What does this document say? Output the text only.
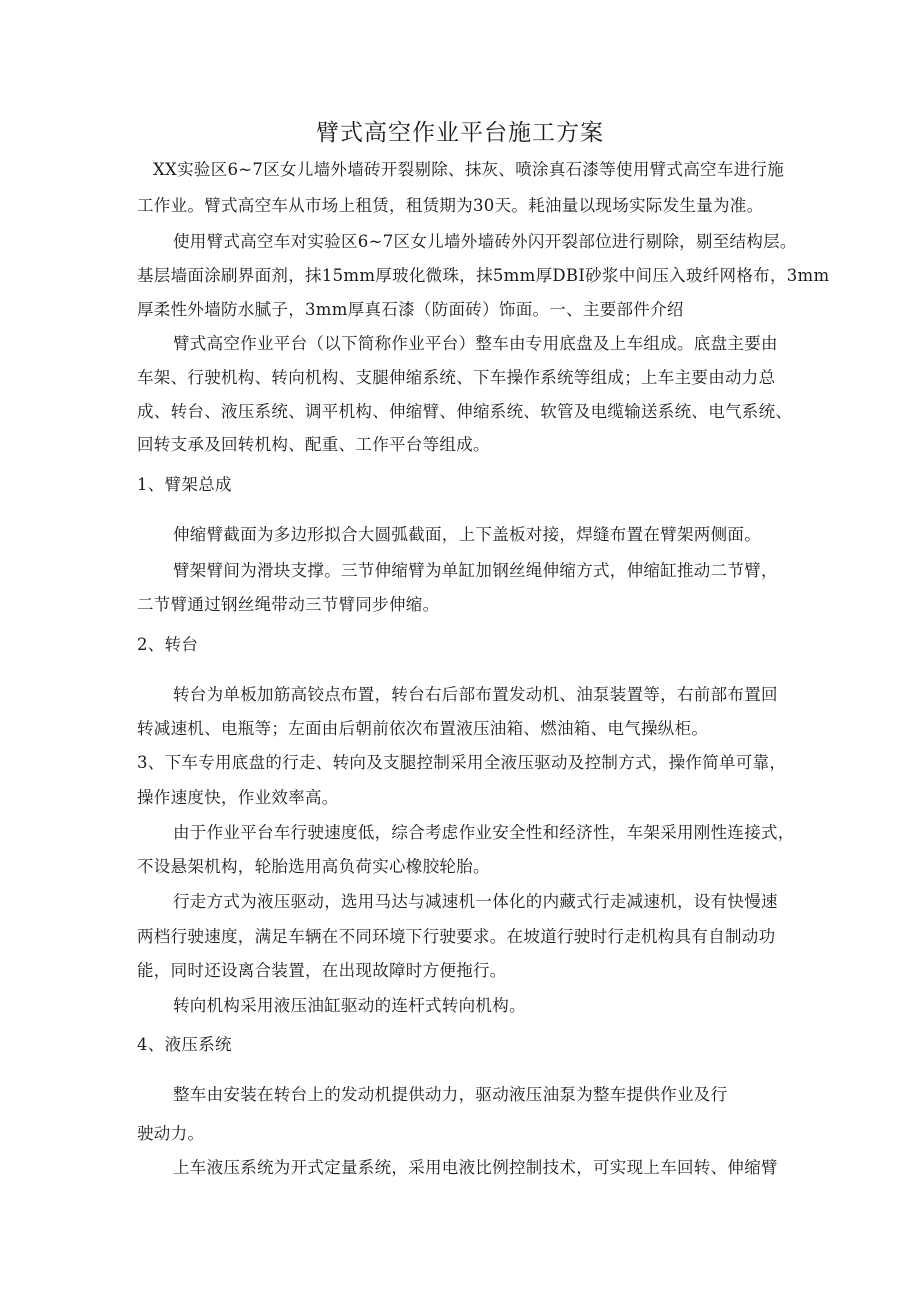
臂式高空作业平台施工方案
XX实验区6~7区女儿墙外墙砖开裂剔除、抹灰、喷涂真石漆等使用臂式高空车进行施
工作业。臂式高空车从市场上租赁，租赁期为30天。耗油量以现场实际发生量为准。
使用臂式高空车对实验区6~7区女儿墙外墙砖外闪开裂部位进行剔除，剔至结构层。
基层墙面涂刷界面剂，抹15mm厚玻化微珠，抹5mm厚DBI砂浆中间压入玻纤网格布，3mm
厚柔性外墙防水腻子，3mm厚真石漆（防面砖）饰面。一、主要部件介绍
臂式高空作业平台（以下简称作业平台）整车由专用底盘及上车组成。底盘主要由
车架、行驶机构、转向机构、支腿伸缩系统、下车操作系统等组成；上车主要由动力总
成、转台、液压系统、调平机构、伸缩臂、伸缩系统、软管及电缆输送系统、电气系统、
回转支承及回转机构、配重、工作平台等组成。
1、臂架总成
伸缩臂截面为多边形拟合大圆弧截面，上下盖板对接，焊缝布置在臂架两侧面。
臂架臂间为滑块支撑。三节伸缩臂为单缸加钢丝绳伸缩方式，伸缩缸推动二节臂，
二节臂通过钢丝绳带动三节臂同步伸缩。
2、转台
转台为单板加筋高铰点布置，转台右后部布置发动机、油泵装置等，右前部布置回
转减速机、电瓶等；左面由后朝前依次布置液压油箱、燃油箱、电气操纵柜。
3、下车专用底盘的行走、转向及支腿控制采用全液压驱动及控制方式，操作简单可靠，
操作速度快，作业效率高。
由于作业平台车行驶速度低，综合考虑作业安全性和经济性，车架采用刚性连接式，
不设悬架机构，轮胎选用高负荷实心橡胶轮胎。
行走方式为液压驱动，选用马达与减速机一体化的内藏式行走减速机，设有快慢速
两档行驶速度，满足车辆在不同环境下行驶要求。在坡道行驶时行走机构具有自制动功
能，同时还设离合装置，在出现故障时方便拖行。
转向机构采用液压油缸驱动的连杆式转向机构。
4、液压系统
整车由安装在转台上的发动机提供动力，驱动液压油泵为整车提供作业及行
驶动力。
上车液压系统为开式定量系统，采用电液比例控制技术，可实现上车回转、伸缩臂
